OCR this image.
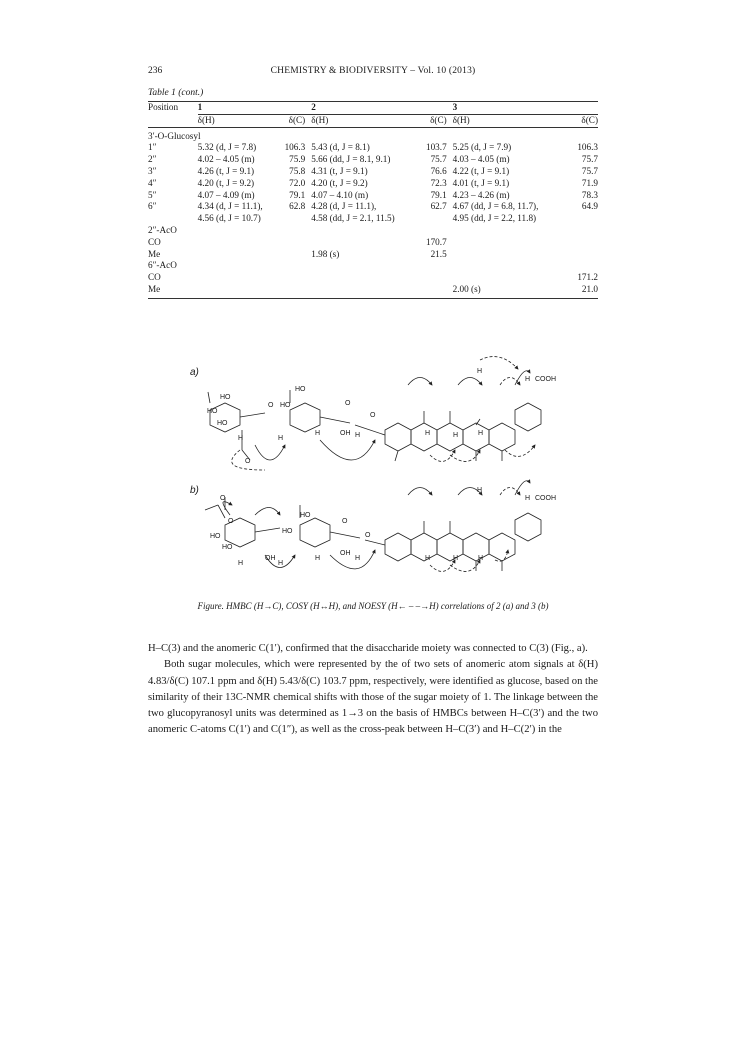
236	CHEMISTRY & BIODIVERSITY – Vol. 10 (2013)
Table 1 (cont.)
Position	1		2		3	
	δ(H)	δ(C)	δ(H)	δ(C)	δ(H)	δ(C)
3′-O-Glucosyl						
1″	5.32 (d, J = 7.8)	106.3	5.43 (d, J = 8.1)	103.7	5.25 (d, J = 7.9)	106.3
2″	4.02 – 4.05 (m)	75.9	5.66 (dd, J = 8.1, 9.1)	75.7	4.03 – 4.05 (m)	75.7
3″	4.26 (t, J = 9.1)	75.8	4.31 (t, J = 9.1)	76.6	4.22 (t, J = 9.1)	75.7
4″	4.20 (t, J = 9.2)	72.0	4.20 (t, J = 9.2)	72.3	4.01 (t, J = 9.1)	71.9
5″	4.07 – 4.09 (m)	79.1	4.07 – 4.10 (m)	79.1	4.23 – 4.26 (m)	78.3
6″	4.34 (d, J = 11.1),	62.8	4.28 (d, J = 11.1),	62.7	4.67 (dd, J = 6.8, 11.7),	64.9
	4.56 (d, J = 10.7)		4.58 (dd, J = 2.1, 11.5)		4.95 (dd, J = 2.2, 11.8)	
2″-AcO						
CO				170.7		
Me			1.98 (s)	21.5		
6″-AcO						
CO						171.2
Me					2.00 (s)	21.0
a)
COOH
H
H
HO
HO
HO
HO
HO
OH
O
O
O
O
H	H
H	H	H	H	H
b)
COOH
H
H
HO
HO
HO
HO
OH
OH
O
O	O
O
H	H
H	H	H	H	H
Figure. HMBC (H→C), COSY (H↔H), and NOESY (H← – –→H) correlations of 2 (a) and 3 (b)

H–C(3) and the anomeric C(1′), confirmed that the disaccharide moiety was connected to C(3) (Fig., a).

Both sugar molecules, which were represented by the of two sets of anomeric atom signals at δ(H) 4.83/δ(C) 107.1 ppm and δ(H) 5.43/δ(C) 103.7 ppm, respectively, were identified as glucose, based on the similarity of their 13C-NMR chemical shifts with those of the sugar moiety of 1. The linkage between the two glucopyranosyl units was determined as 1→3 on the basis of HMBCs between H–C(3′) and the two anomeric C-atoms C(1′) and C(1″), as well as the cross-peak between H–C(3′) and H–C(2′) in the
